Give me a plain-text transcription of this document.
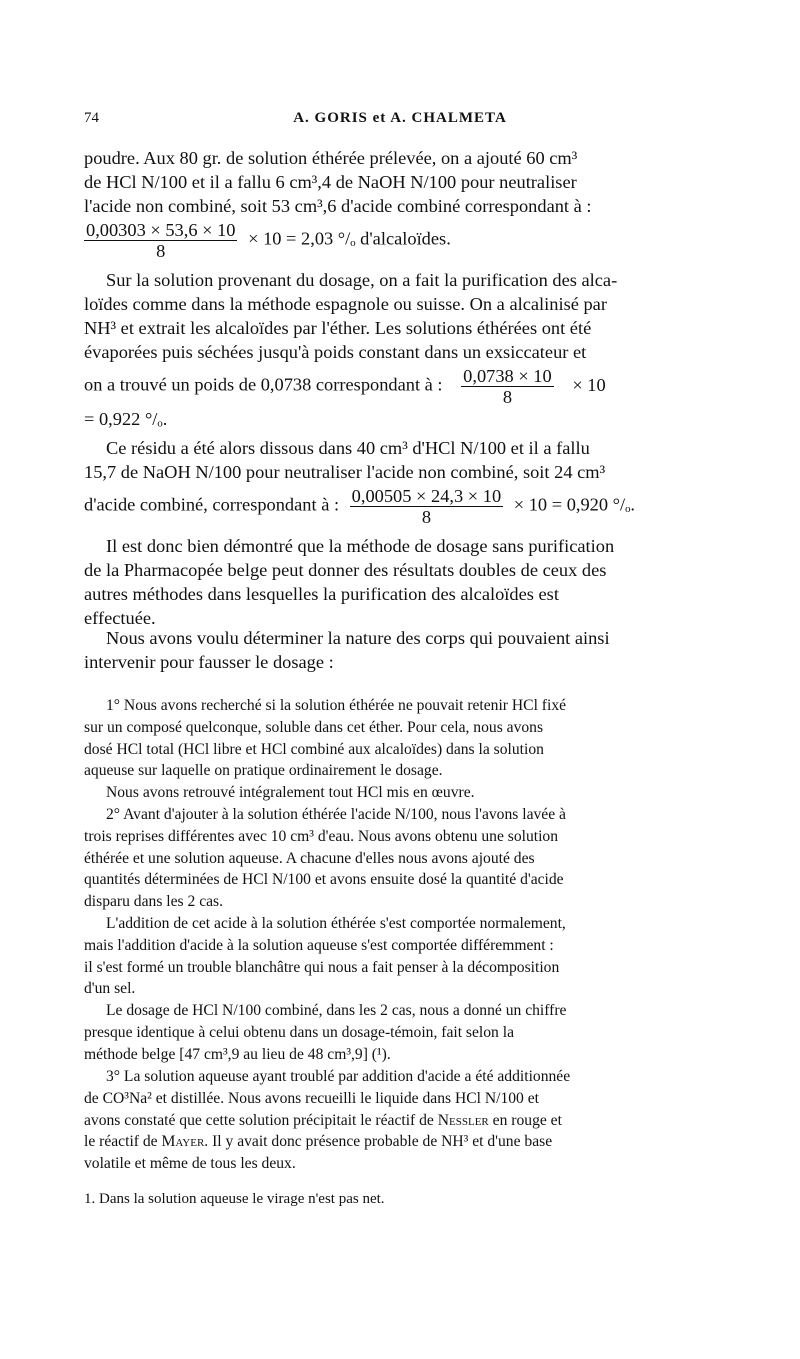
74	A. GORIS et A. CHALMETA
poudre. Aux 80 gr. de solution éthérée prélevée, on a ajouté 60 cm³
de HCl N/100 et il a fallu 6 cm³,4 de NaOH N/100 pour neutraliser
l'acide non combiné, soit 53 cm³,6 d'acide combiné correspondant à :
$\frac{0,00303 \times 53,6 \times 10}{8} \times 10 = 2,03$ °/ₒ d'alcaloïdes.
Sur la solution provenant du dosage, on a fait la purification des alca-
loïdes comme dans la méthode espagnole ou suisse. On a alcalinisé par
NH³ et extrait les alcaloïdes par l'éther. Les solutions éthérées ont été
évaporées puis séchées jusqu'à poids constant dans un exsiccateur et
on a trouvé un poids de 0,0738 correspondant à : $\frac{0,0738 \times 10}{8} \times 10$
= 0,922 °/ₒ.
Ce résidu a été alors dissous dans 40 cm³ d'HCl N/100 et il a fallu
15,7 de NaOH N/100 pour neutraliser l'acide non combiné, soit 24 cm³
d'acide combiné, correspondant à : $\frac{0,00505 \times 24,3 \times 10}{8} \times 10 = 0,920$ °/ₒ.
Il est donc bien démontré que la méthode de dosage sans purification
de la Pharmacopée belge peut donner des résultats doubles de ceux des
autres méthodes dans lesquelles la purification des alcaloïdes est
effectuée.
Nous avons voulu déterminer la nature des corps qui pouvaient ainsi
intervenir pour fausser le dosage :
1° Nous avons recherché si la solution éthérée ne pouvait retenir HCl fixé
sur un composé quelconque, soluble dans cet éther. Pour cela, nous avons
dosé HCl total (HCl libre et HCl combiné aux alcaloïdes) dans la solution
aqueuse sur laquelle on pratique ordinairement le dosage.
Nous avons retrouvé intégralement tout HCl mis en œuvre.
2° Avant d'ajouter à la solution éthérée l'acide N/100, nous l'avons lavée à
trois reprises différentes avec 10 cm³ d'eau. Nous avons obtenu une solution
éthérée et une solution aqueuse. A chacune d'elles nous avons ajouté des
quantités déterminées de HCl N/100 et avons ensuite dosé la quantité d'acide
disparu dans les 2 cas.
L'addition de cet acide à la solution éthérée s'est comportée normalement,
mais l'addition d'acide à la solution aqueuse s'est comportée différemment :
il s'est formé un trouble blanchâtre qui nous a fait penser à la décomposition
d'un sel.
Le dosage de HCl N/100 combiné, dans les 2 cas, nous a donné un chiffre
presque identique à celui obtenu dans un dosage-témoin, fait selon la
méthode belge [47 cm³,9 au lieu de 48 cm³,9] (¹).
3° La solution aqueuse ayant troublé par addition d'acide a été additionnée
de CO³Na² et distillée. Nous avons recueilli le liquide dans HCl N/100 et
avons constaté que cette solution précipitait le réactif de Nessler en rouge et
le réactif de Mayer. Il y avait donc présence probable de NH³ et d'une base
volatile et même de tous les deux.
1. Dans la solution aqueuse le virage n'est pas net.
